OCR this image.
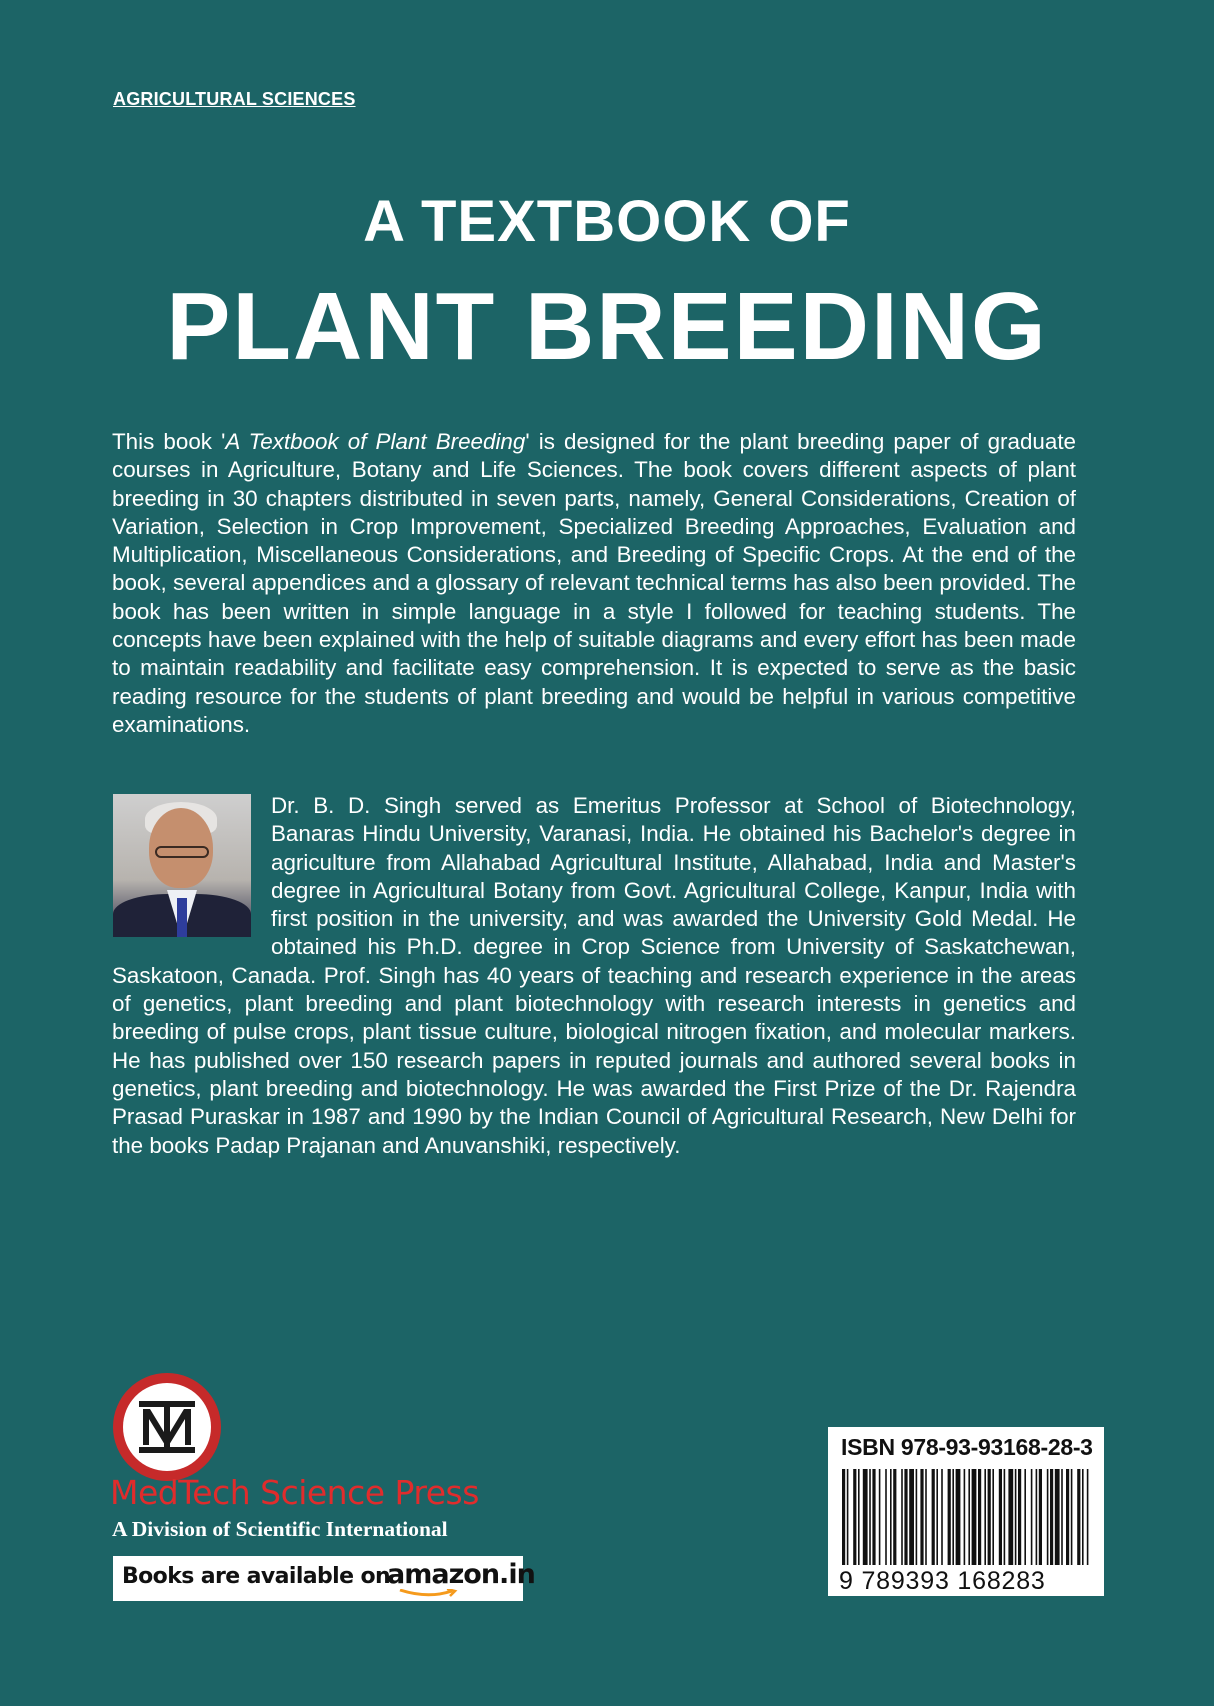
AGRICULTURAL SCIENCES
A TEXTBOOK OF
PLANT BREEDING
This book 'A Textbook of Plant Breeding' is designed for the plant breeding paper of graduate courses in Agriculture, Botany and Life Sciences. The book covers different aspects of plant breeding in 30 chapters distributed in seven parts, namely, General Considerations, Creation of Variation, Selection in Crop Improvement, Specialized Breeding Approaches, Evaluation and Multiplication, Miscellaneous Considerations, and Breeding of Specific Crops. At the end of the book, several appendices and a glossary of relevant technical terms has also been provided. The book has been written in simple language in a style I followed for teaching students. The concepts have been explained with the help of suitable diagrams and every effort has been made to maintain readability and facilitate easy comprehension. It is expected to serve as the basic reading resource for the students of plant breeding and would be helpful in various competitive examinations.
Dr. B. D. Singh served as Emeritus Professor at School of Biotechnology, Banaras Hindu University, Varanasi, India. He obtained his Bachelor's degree in agriculture from Allahabad Agricultural Institute, Allahabad, India and Master's degree in Agricultural Botany from Govt. Agricultural College, Kanpur, India with first position in the university, and was awarded the University Gold Medal. He obtained his Ph.D. degree in Crop Science from University of Saskatchewan, Saskatoon, Canada. Prof. Singh has 40 years of teaching and research experience in the areas of genetics, plant breeding and plant biotechnology with research interests in genetics and breeding of pulse crops, plant tissue culture, biological nitrogen fixation, and molecular markers. He has published over 150 research papers in reputed journals and authored several books in genetics, plant breeding and biotechnology. He was awarded the First Prize of the Dr. Rajendra Prasad Puraskar in 1987 and 1990 by the Indian Council of Agricultural Research, New Delhi for the books Padap Prajanan and Anuvanshiki, respectively.
MedTech Science Press
A Division of Scientific International
Books are available on
amazon.in
ISBN 978-93-93168-28-3
9 789393 168283
